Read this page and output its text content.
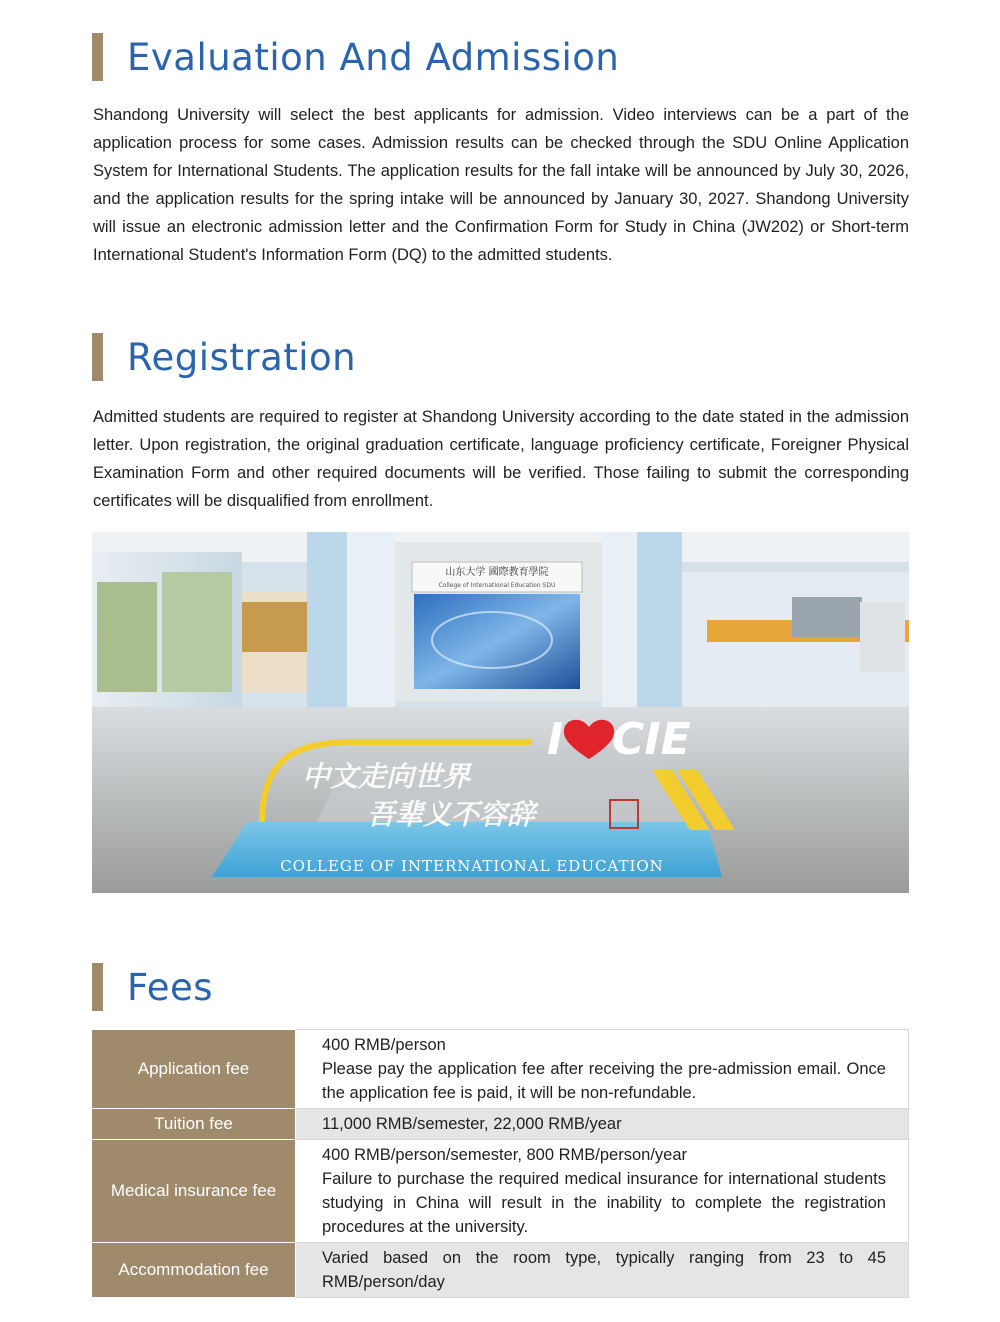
Evaluation And Admission
Shandong University will select the best applicants for admission. Video interviews can be a part of the application process for some cases. Admission results can be checked through the SDU Online Application System for International Students. The application results for the fall intake will be announced by July 30, 2026, and the application results for the spring intake will be announced by January 30, 2027. Shandong University will issue an electronic admission letter and the Confirmation Form for Study in China (JW202) or Short-term International Student's Information Form (DQ) to the admitted students.
Registration
Admitted students are required to register at Shandong University according to the date stated in the admission letter. Upon registration, the original graduation certificate, language proficiency certificate, Foreigner Physical Examination Form and other required documents will be verified. Those failing to submit the corresponding certificates will be disqualified from enrollment.
山东大学 國際教育學院
College of International Education SDU
COLLEGE OF INTERNATIONAL EDUCATION
I CIE
中文走向世界
吾辈义不容辞
Fees
Application fee	400 RMB/person
Please pay the application fee after receiving the pre-admission email. Once the application fee is paid, it will be non-refundable.

Tuition fee	11,000 RMB/semester, 22,000 RMB/year

Medical insurance fee	400 RMB/person/semester, 800 RMB/person/year
Failure to purchase the required medical insurance for international students studying in China will result in the inability to complete the registration procedures at the university.

Accommodation fee	Varied based on the room type, typically ranging from 23 to 45 RMB/person/day
